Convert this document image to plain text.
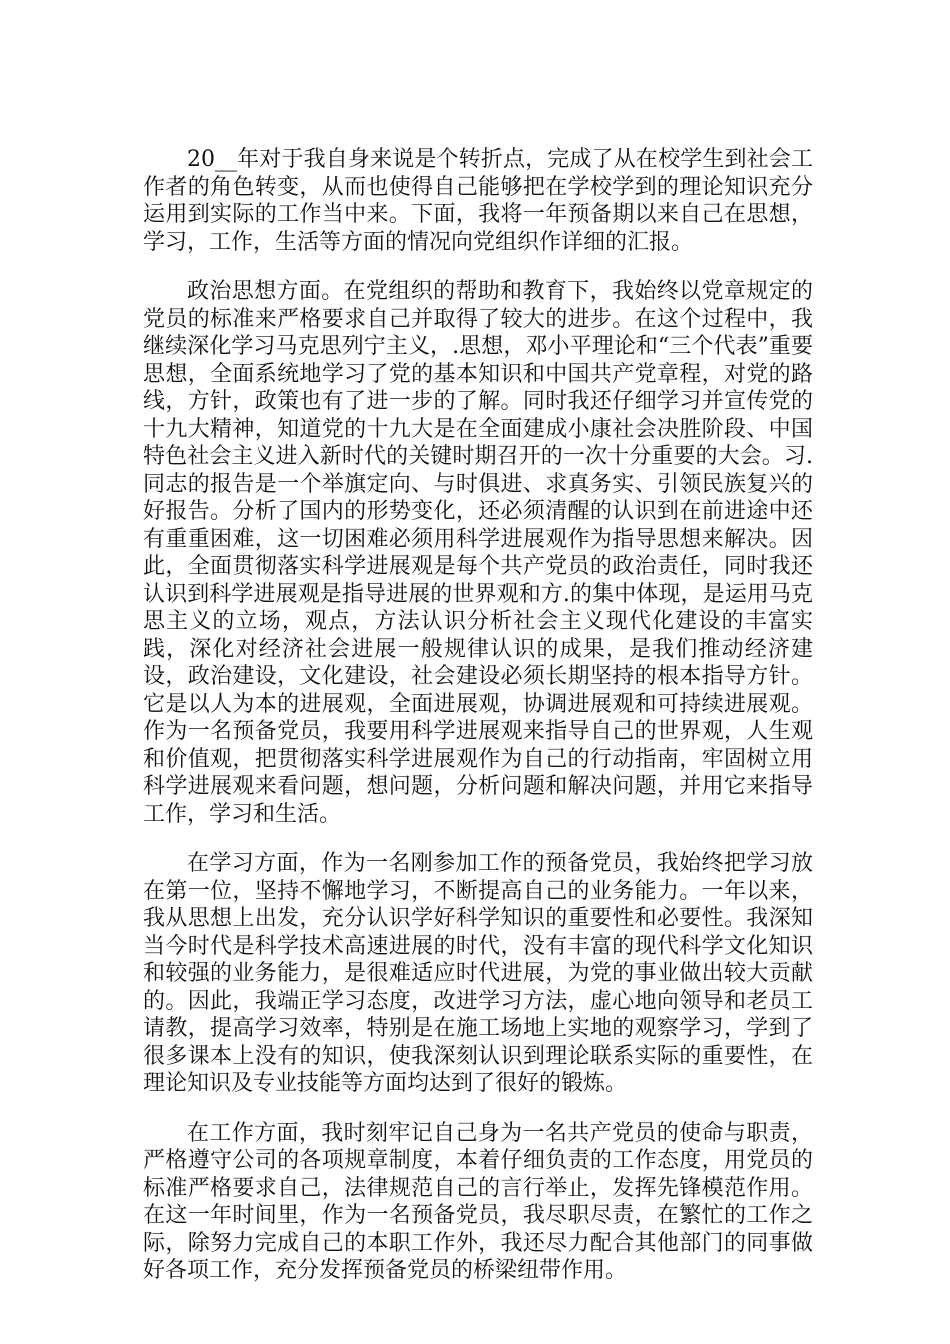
20__年对于我自身来说是个转折点，完成了从在校学生到社会工作者的角色转变，从而也使得自己能够把在学校学到的理论知识充分运用到实际的工作当中来。下面，我将一年预备期以来自己在思想，学习，工作，生活等方面的情况向党组织作详细的汇报。

政治思想方面。在党组织的帮助和教育下，我始终以党章规定的党员的标准来严格要求自己并取得了较大的进步。在这个过程中，我继续深化学习马克思列宁主义，.思想，邓小平理论和“三个代表”重要思想，全面系统地学习了党的基本知识和中国共产党章程，对党的路线，方针，政策也有了进一步的了解。同时我还仔细学习并宣传党的十九大精神，知道党的十九大是在全面建成小康社会决胜阶段、中国特色社会主义进入新时代的关键时期召开的一次十分重要的大会。习.同志的报告是一个举旗定向、与时俱进、求真务实、引领民族复兴的好报告。分析了国内的形势变化，还必须清醒的认识到在前进途中还有重重困难，这一切困难必须用科学进展观作为指导思想来解决。因此，全面贯彻落实科学进展观是每个共产党员的政治责任，同时我还认识到科学进展观是指导进展的世界观和方.的集中体现，是运用马克思主义的立场，观点，方法认识分析社会主义现代化建设的丰富实践，深化对经济社会进展一般规律认识的成果，是我们推动经济建设，政治建设，文化建设，社会建设必须长期坚持的根本指导方针。它是以人为本的进展观，全面进展观，协调进展观和可持续进展观。作为一名预备党员，我要用科学进展观来指导自己的世界观，人生观和价值观，把贯彻落实科学进展观作为自己的行动指南，牢固树立用科学进展观来看问题，想问题，分析问题和解决问题，并用它来指导工作，学习和生活。

在学习方面，作为一名刚参加工作的预备党员，我始终把学习放在第一位，坚持不懈地学习，不断提高自己的业务能力。一年以来，我从思想上出发，充分认识学好科学知识的重要性和必要性。我深知当今时代是科学技术高速进展的时代，没有丰富的现代科学文化知识和较强的业务能力，是很难适应时代进展，为党的事业做出较大贡献的。因此，我端正学习态度，改进学习方法，虚心地向领导和老员工请教，提高学习效率，特别是在施工场地上实地的观察学习，学到了很多课本上没有的知识，使我深刻认识到理论联系实际的重要性，在理论知识及专业技能等方面均达到了很好的锻炼。

在工作方面，我时刻牢记自己身为一名共产党员的使命与职责，严格遵守公司的各项规章制度，本着仔细负责的工作态度，用党员的标准严格要求自己，法律规范自己的言行举止，发挥先锋模范作用。在这一年时间里，作为一名预备党员，我尽职尽责，在繁忙的工作之际，除努力完成自己的本职工作外，我还尽力配合其他部门的同事做好各项工作，充分发挥预备党员的桥梁纽带作用。
